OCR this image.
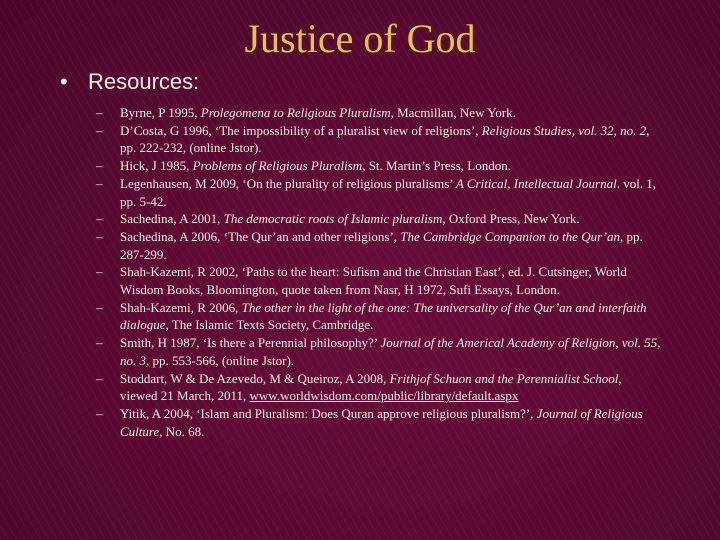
Justice of God
• Resources:
–	Byrne, P 1995, Prolegomena to Religious Pluralism, Macmillan, New York.
–	D’Costa, G 1996, ‘The impossibility of a pluralist view of religions’, Religious Studies, vol. 32, no. 2, pp. 222-232, (online Jstor).
–	Hick, J 1985, Problems of Religious Pluralism, St. Martin’s Press, London.
–	Legenhausen, M 2009, ‘On the plurality of religious pluralisms’ A Critical, Intellectual Journal. vol. 1, pp. 5-42.
–	Sachedina, A 2001, The democratic roots of Islamic pluralism, Oxford Press, New York.
–	Sachedina, A 2006, ‘The Qur’an and other religions’, The Cambridge Companion to the Qur’an, pp. 287-299.
–	Shah-Kazemi, R 2002, ‘Paths to the heart: Sufism and the Christian East’, ed. J. Cutsinger, World Wisdom Books, Bloomington, quote taken from Nasr, H 1972, Sufi Essays, London.
–	Shah-Kazemi, R 2006, The other in the light of the one: The universality of the Qur’an and interfaith dialogue, The Islamic Texts Society, Cambridge.
–	Smith, H 1987, ‘Is there a Perennial philosophy?’ Journal of the Americal Academy of Religion, vol. 55, no. 3, pp. 553-566, (online Jstor).
–	Stoddart, W & De Azevedo, M & Queiroz, A 2008, Frithjof Schuon and the Perennialist School, viewed 21 March, 2011, www.worldwisdom.com/public/library/default.aspx
–	Yitik, A 2004, ‘Islam and Pluralism: Does Quran approve religious pluralism?’, Journal of Religious Culture, No. 68.
